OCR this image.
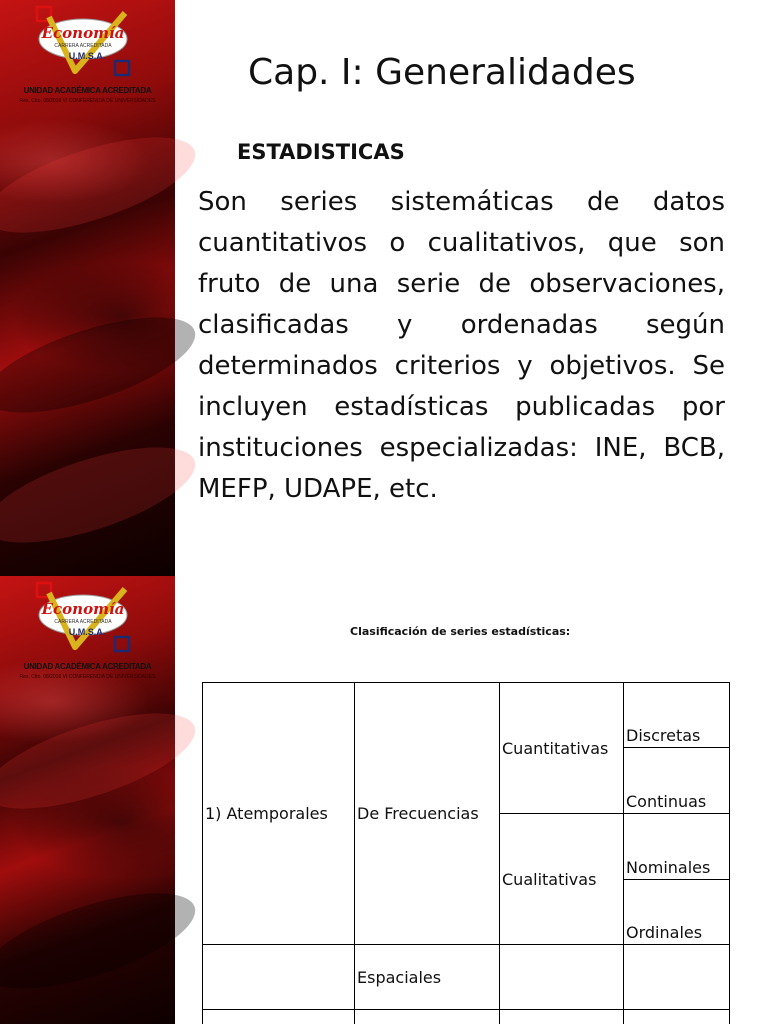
Economía
CARRERA ACREDITADA
U.M.S.A.
UNIDAD ACADÉMICA ACREDITADA
Res. Ctto. 08/2016 VI CONFERENCIA DE UNIVERSIDADES
Cap. I: Generalidades
ESTADISTICAS
Son series sistemáticas de datos cuantitativos o cualitativos, que son fruto de una serie de observaciones, clasificadas y ordenadas según determinados criterios y objetivos. Se incluyen estadísticas publicadas por instituciones especializadas: INE, BCB, MEFP, UDAPE, etc.
Economía
CARRERA ACREDITADA
U.M.S.A.
UNIDAD ACADÉMICA ACREDITADA
Res. Ctto. 08/2016 VI CONFERENCIA DE UNIVERSIDADES
Clasificación de series estadísticas:
1) Atemporales	De Frecuencias	Cuantitativas	Discretas
			Continuas
		Cualitativas	Nominales
			Ordinales
	Espaciales		
